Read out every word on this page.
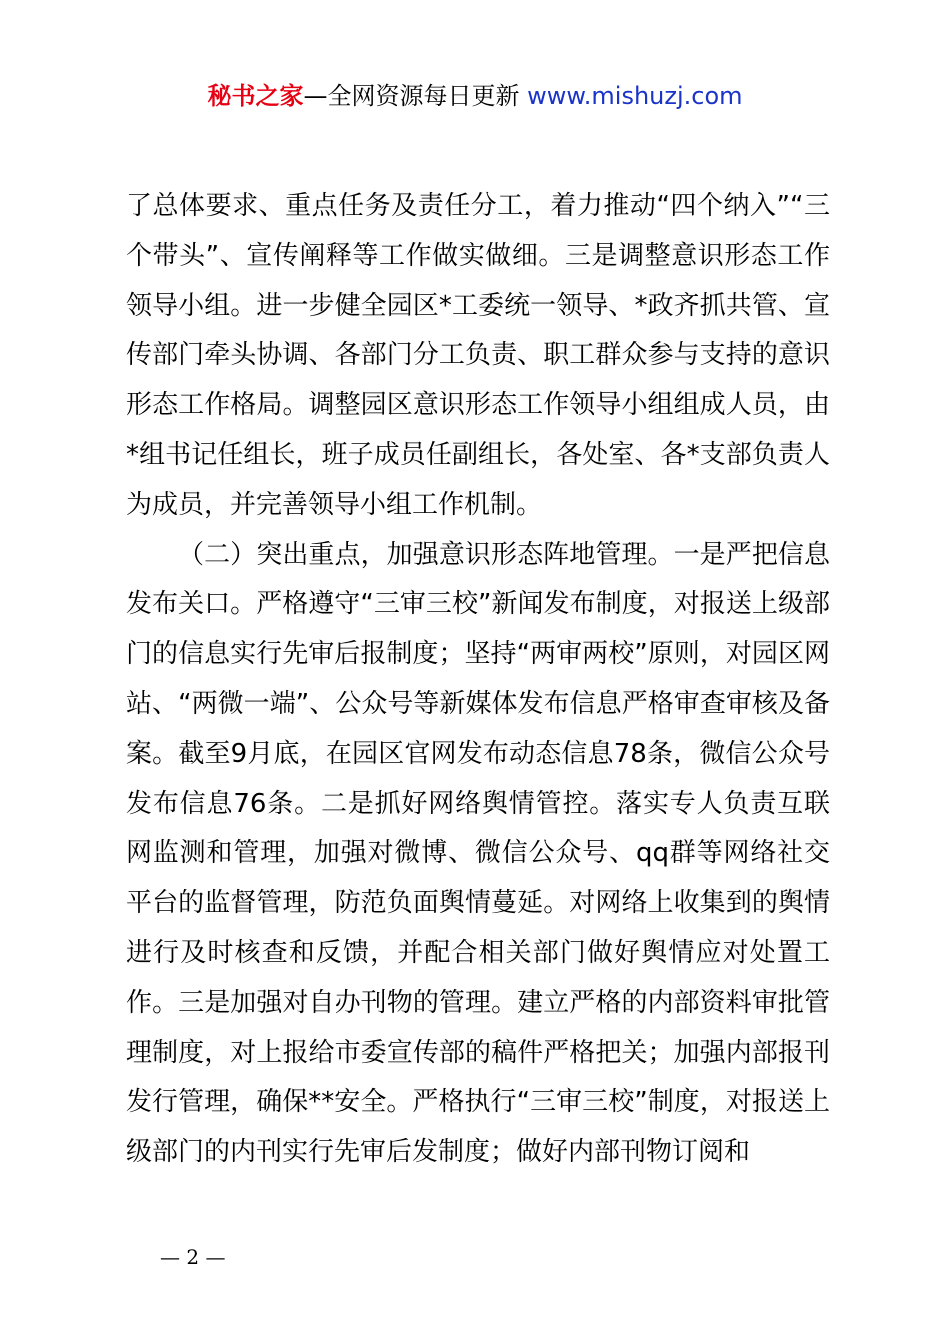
秘书之家—全网资源每日更新 www.mishuzj.com

了总体要求、重点任务及责任分工，着力推动“四个纳入”“三个带头”、宣传阐释等工作做实做细。三是调整意识形态工作领导小组。进一步健全园区*工委统一领导、*政齐抓共管、宣传部门牵头协调、各部门分工负责、职工群众参与支持的意识形态工作格局。调整园区意识形态工作领导小组组成人员，由*组书记任组长，班子成员任副组长，各处室、各*支部负责人为成员，并完善领导小组工作机制。

（二）突出重点，加强意识形态阵地管理。一是严把信息发布关口。严格遵守“三审三校”新闻发布制度，对报送上级部门的信息实行先审后报制度；坚持“两审两校”原则，对园区网站、“两微一端”、公众号等新媒体发布信息严格审查审核及备案。截至9月底，在园区官网发布动态信息78条，微信公众号发布信息76条。二是抓好网络舆情管控。落实专人负责互联网监测和管理，加强对微博、微信公众号、qq群等网络社交平台的监督管理，防范负面舆情蔓延。对网络上收集到的舆情进行及时核查和反馈，并配合相关部门做好舆情应对处置工作。三是加强对自办刊物的管理。建立严格的内部资料审批管理制度，对上报给市委宣传部的稿件严格把关；加强内部报刊发行管理，确保**安全。严格执行“三审三校”制度，对报送上级部门的内刊实行先审后发制度；做好内部刊物订阅和

— 2 —
